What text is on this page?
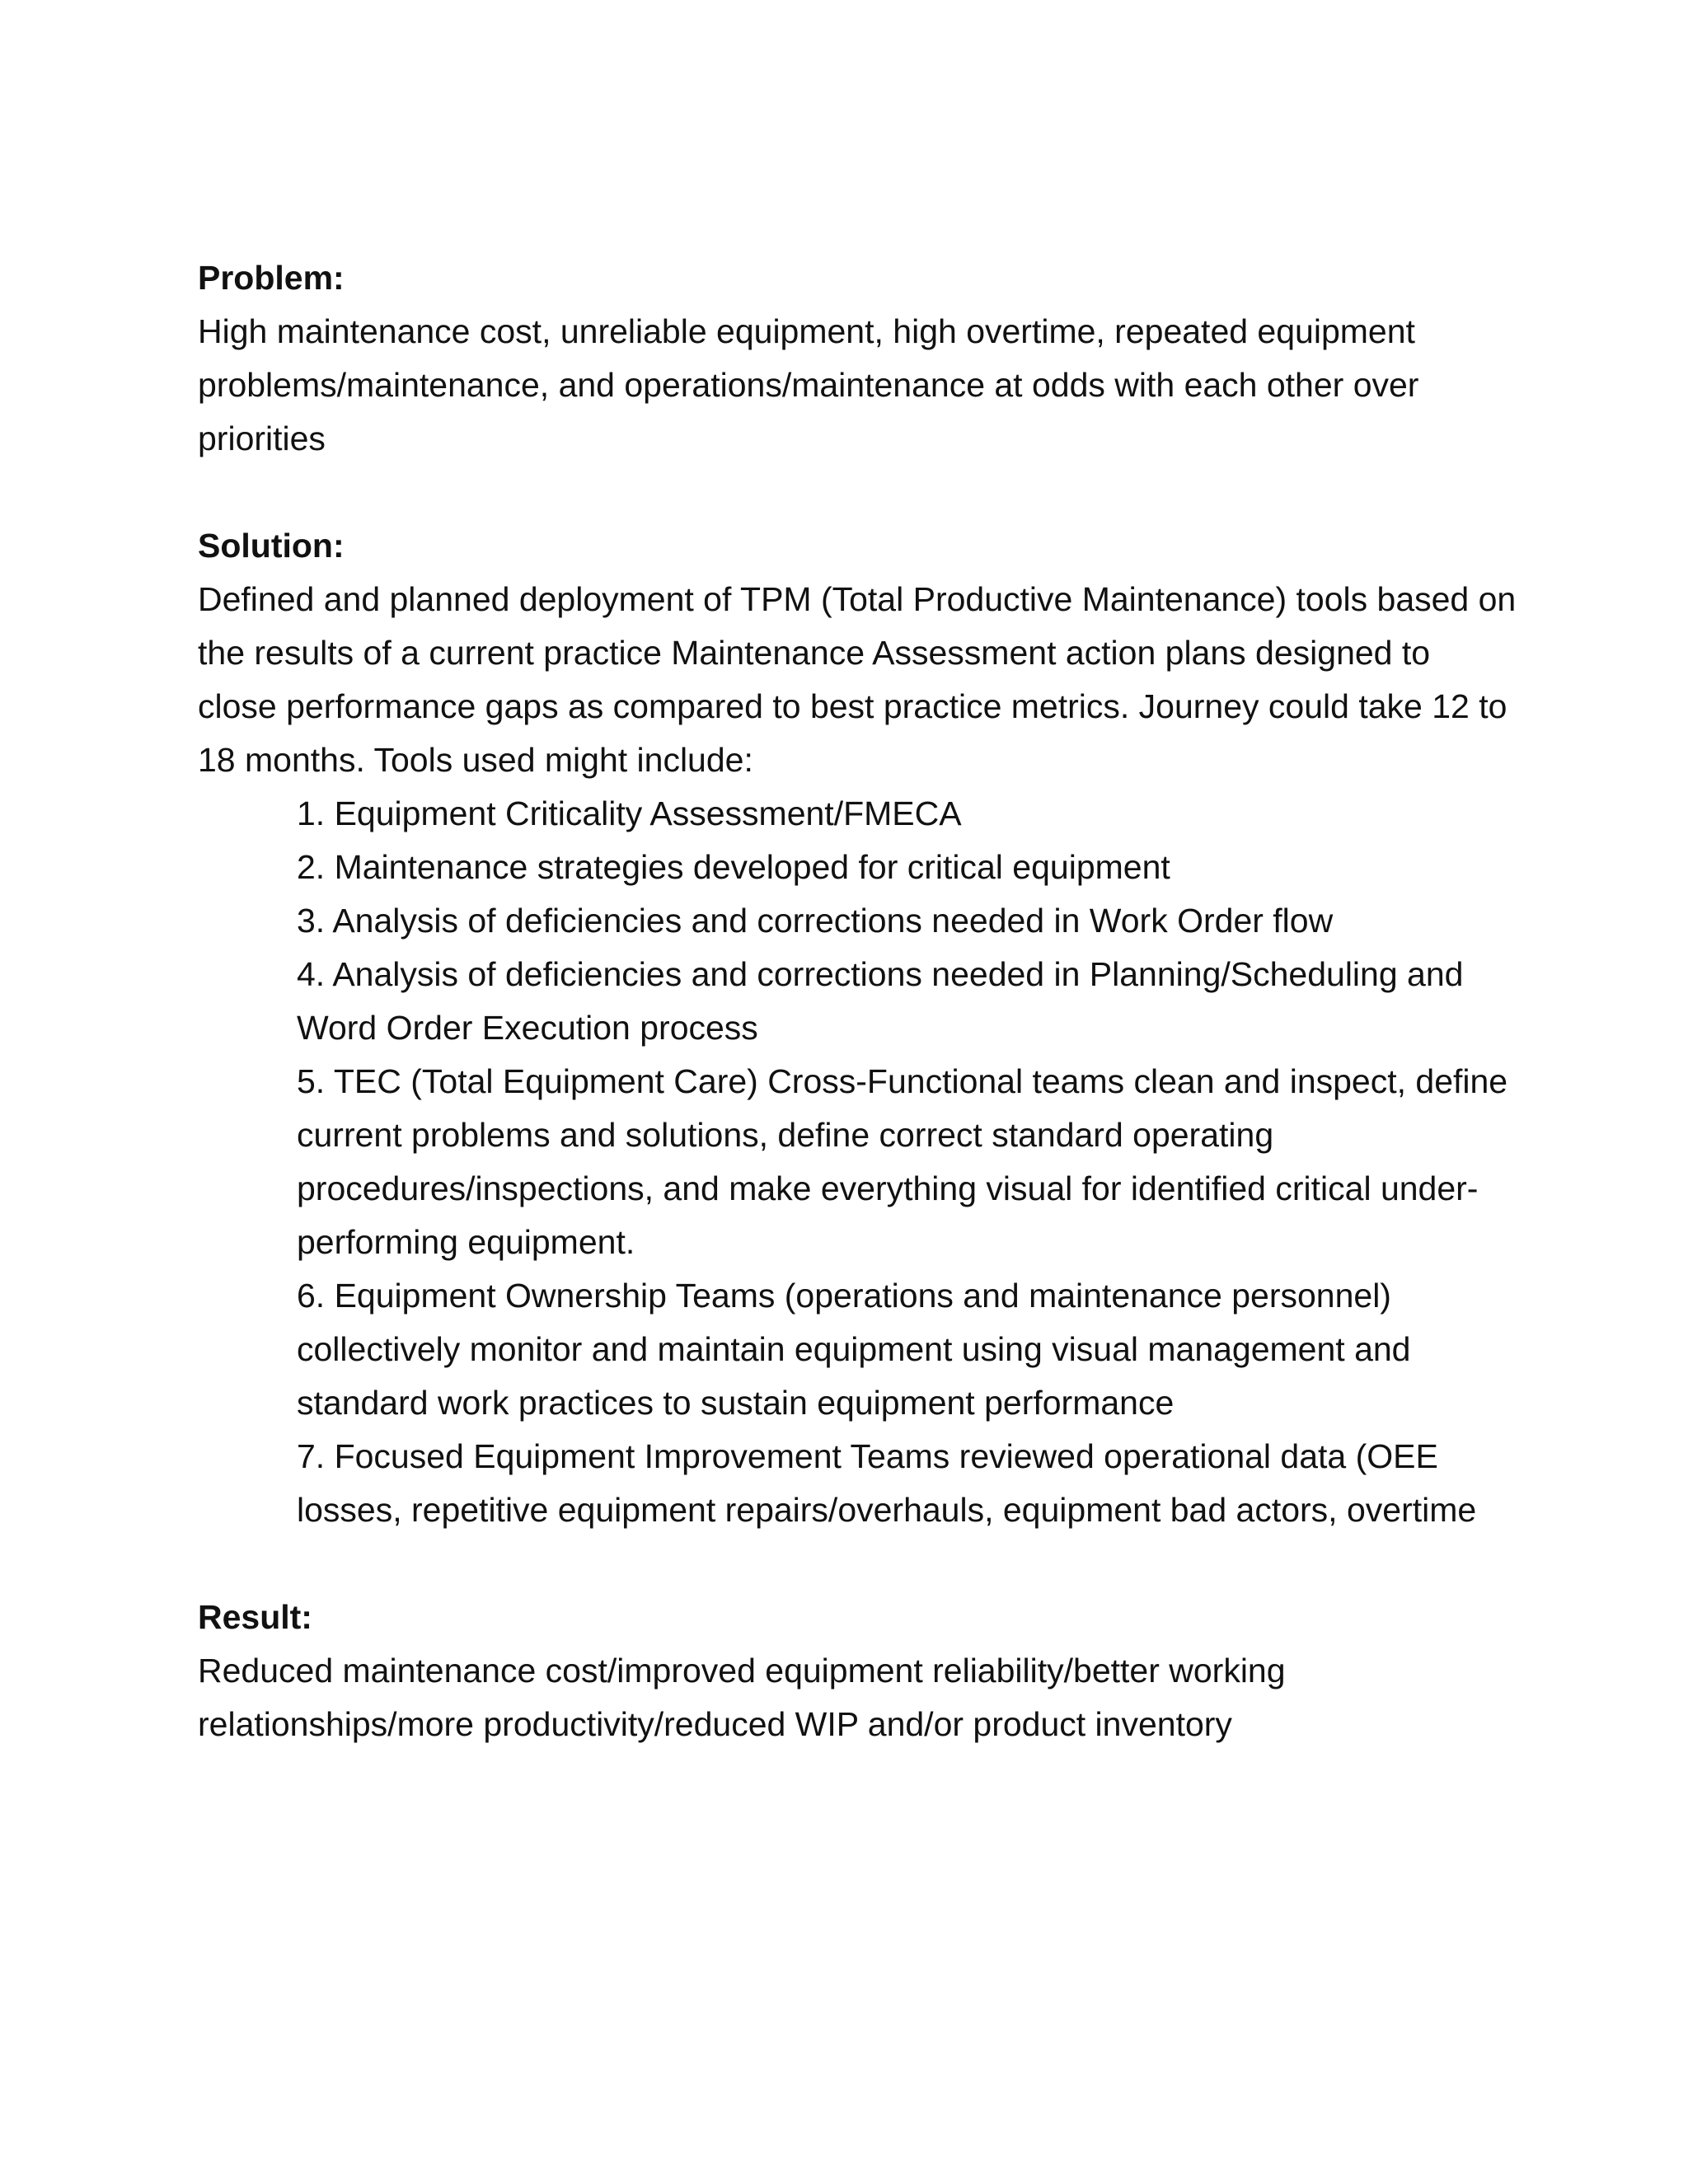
Problem:
High maintenance cost, unreliable equipment, high overtime, repeated equipment problems/maintenance, and operations/maintenance at odds with each other over priorities
Solution:
Defined and planned deployment of TPM (Total Productive Maintenance) tools based on the results of a current practice Maintenance Assessment action plans designed to close performance gaps as compared to best practice metrics. Journey could take 12 to 18 months. Tools used might include:
1. Equipment Criticality Assessment/FMECA
2. Maintenance strategies developed for critical equipment
3. Analysis of deficiencies and corrections needed in Work Order flow
4. Analysis of deficiencies and corrections needed in Planning/Scheduling and Word Order Execution process
5. TEC (Total Equipment Care) Cross-Functional teams clean and inspect, define current problems and solutions, define correct standard operating procedures/inspections, and make everything visual for identified critical under- performing equipment.
6. Equipment Ownership Teams (operations and maintenance personnel) collectively monitor and maintain equipment using visual management and standard work practices to sustain equipment performance
7. Focused Equipment Improvement Teams reviewed operational data (OEE losses, repetitive equipment repairs/overhauls, equipment bad actors, overtime
Result:
Reduced maintenance cost/improved equipment reliability/better working relationships/more productivity/reduced WIP and/or product inventory
